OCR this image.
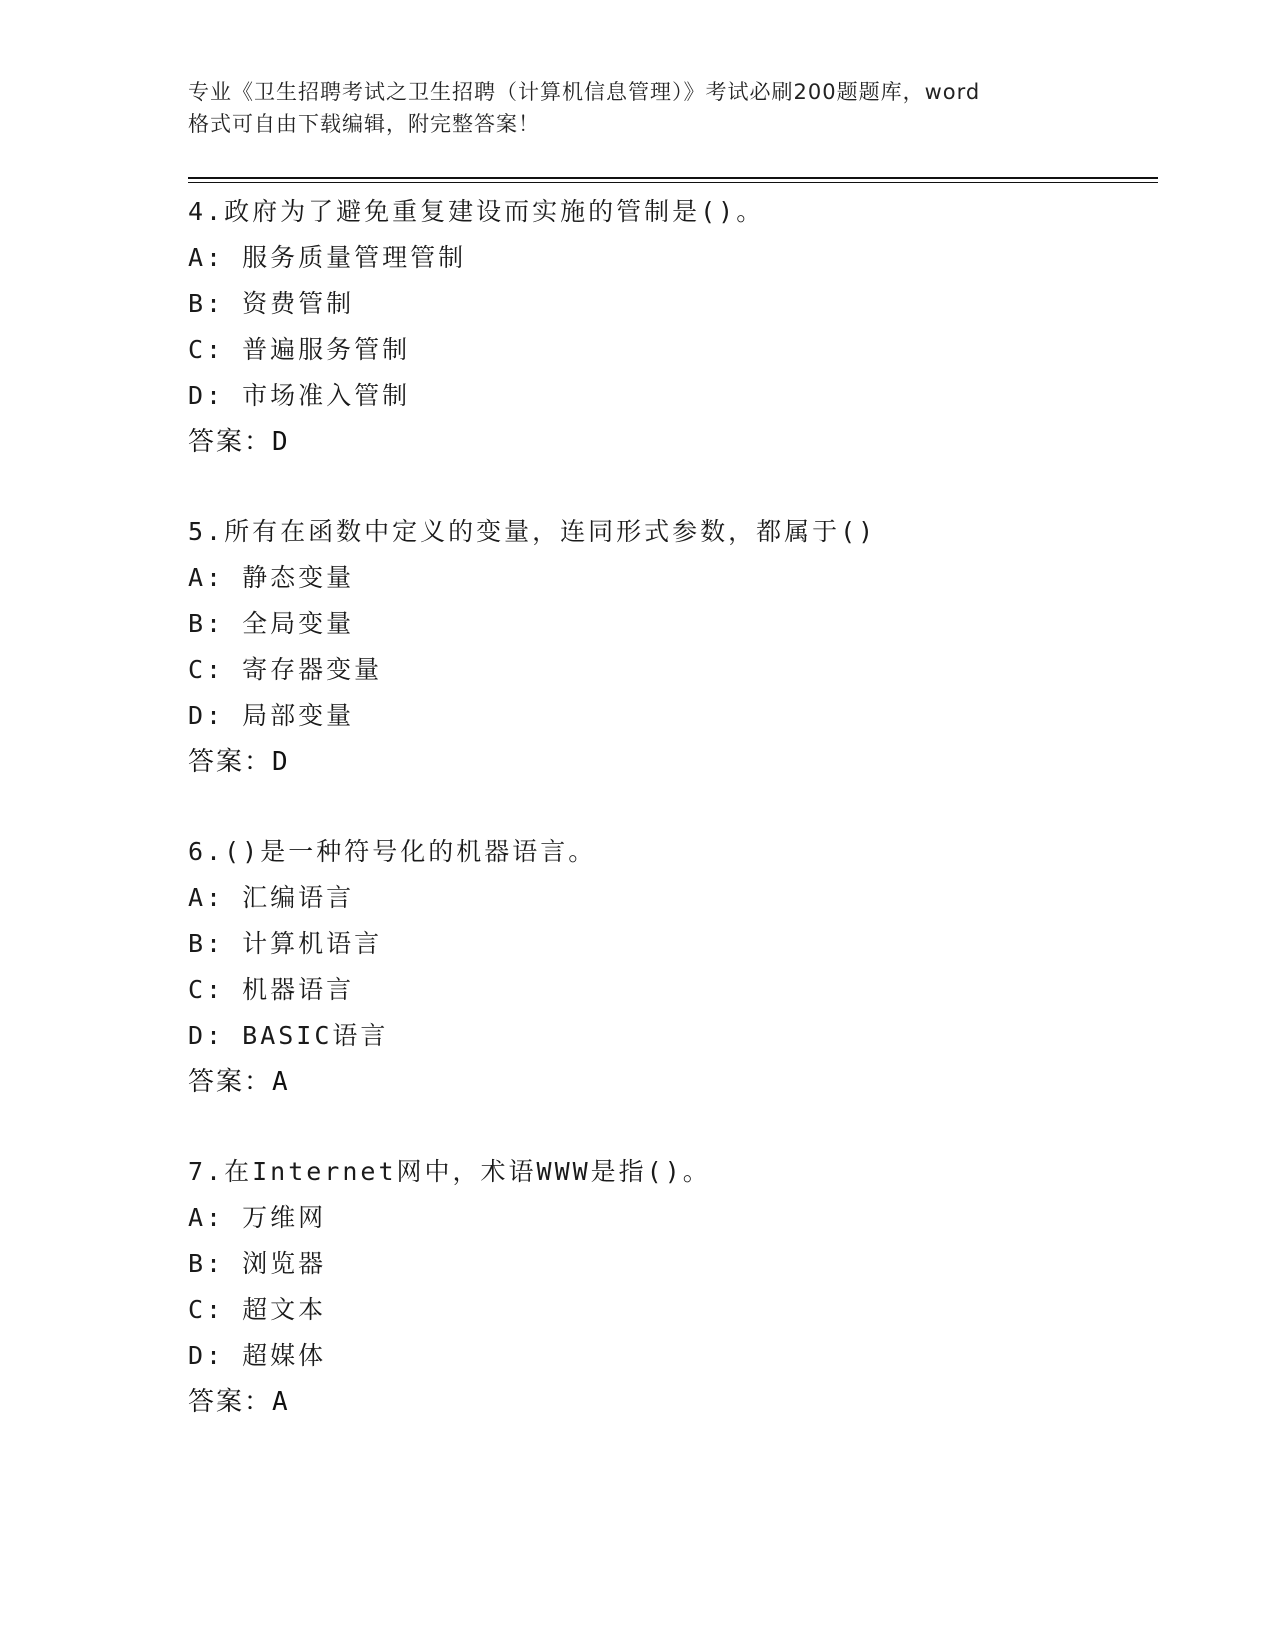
专业《卫生招聘考试之卫生招聘（计算机信息管理）》考试必刷200题题库，word
格式可自由下载编辑，附完整答案！
4.政府为了避免重复建设而实施的管制是()。
A: 服务质量管理管制
B: 资费管制
C: 普遍服务管制
D: 市场准入管制
答案：D
5.所有在函数中定义的变量，连同形式参数，都属于()
A: 静态变量
B: 全局变量
C: 寄存器变量
D: 局部变量
答案：D
6.()是一种符号化的机器语言。
A: 汇编语言
B: 计算机语言
C: 机器语言
D: BASIC语言
答案：A
7.在Internet网中，术语WWW是指()。
A: 万维网
B: 浏览器
C: 超文本
D: 超媒体
答案：A
